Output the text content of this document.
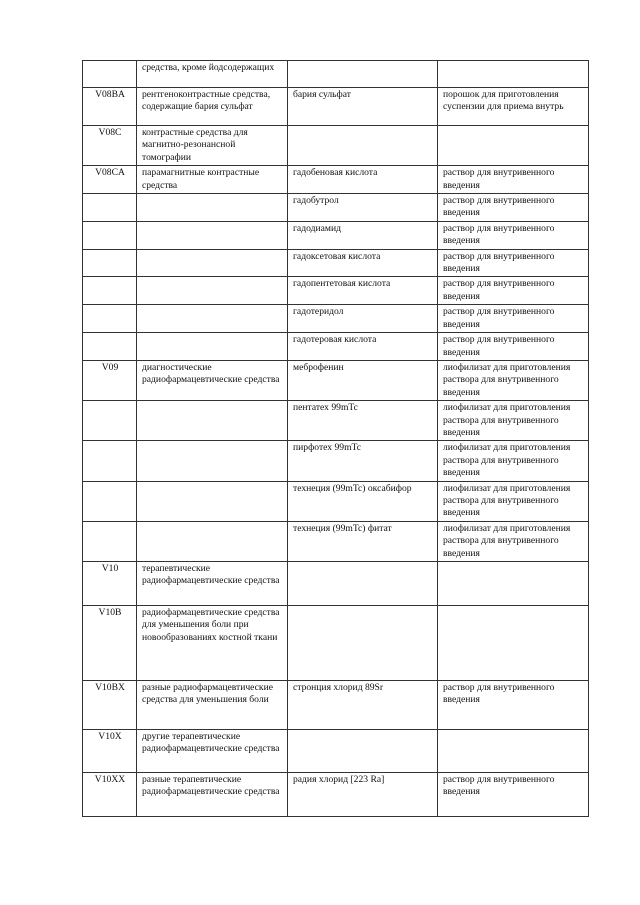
	средства, кроме йодсодержащих		
V08BA	рентгеноконтрастные средства, содержащие бария сульфат	бария сульфат	порошок для приготовления суспензии для приема внутрь
V08C	контрастные средства для магнитно-резонансной томографии		
V08CA	парамагнитные контрастные средства	гадобеновая кислота	раствор для внутривенного введения
		гадобутрол	раствор для внутривенного введения
		гадодиамид	раствор для внутривенного введения
		гадоксетовая кислота	раствор для внутривенного введения
		гадопентетовая кислота	раствор для внутривенного введения
		гадотеридол	раствор для внутривенного введения
		гадотеровая кислота	раствор для внутривенного введения
V09	диагностические радиофармацевтические средства	меброфенин	лиофилизат для приготовления раствора для внутривенного введения
		пентатех 99mTc	лиофилизат для приготовления раствора для внутривенного введения
		пирфотех 99mTc	лиофилизат для приготовления раствора для внутривенного введения
		технеция (99mTc) оксабифор	лиофилизат для приготовления раствора для внутривенного введения
		технеция (99mTc) фитат	лиофилизат для приготовления раствора для внутривенного введения
V10	терапевтические радиофармацевтические средства		
V10B	радиофармацевтические средства для уменьшения боли при новообразованиях костной ткани		
V10BX	разные радиофармацевтические средства для уменьшения боли	стронция хлорид 89Sr	раствор для внутривенного введения
V10X	другие терапевтические радиофармацевтические средства		
V10XX	разные терапевтические радиофармацевтические средства	радия хлорид [223 Ra]	раствор для внутривенного введения
